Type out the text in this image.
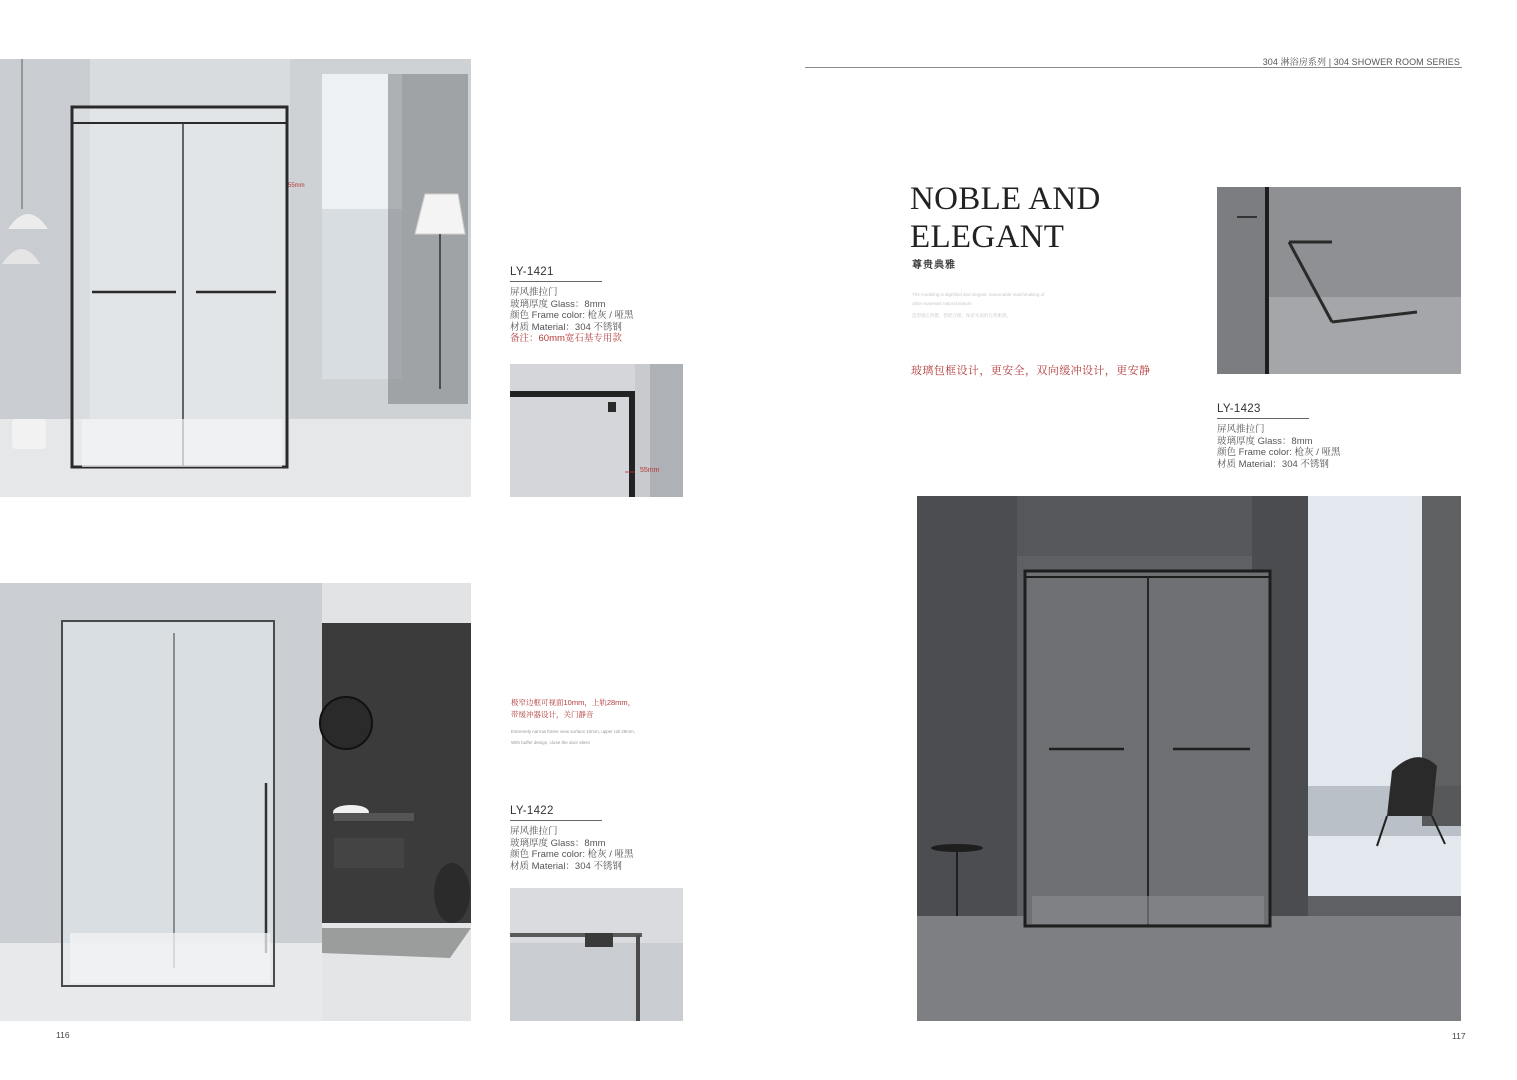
55mm
LY-1421
屏风推拉门
玻璃厚度 Glass：8mm
颜色 Frame color: 枪灰 / 哑黑
材质 Material：304 不锈钢
备注：60mm宽石基专用款
55mm
极窄边框可视面10mm，上轨28mm，
带缓冲器设计，关门静音
Extremely narrow frame view surface 10mm, upper rail 28mm,
With buffer design, close the door silent
LY-1422
屏风推拉门
玻璃厚度 Glass：8mm
颜色 Frame color: 枪灰 / 哑黑
材质 Material：304 不锈钢
116
304 淋浴房系列 | 304 SHOWER ROOM SERIES
NOBLE AND
ELEGANT
尊贵典雅
The modeling is dignified and elegant, reasonable matchmaking of
other materials natural texture
造型端庄典雅，搭配合理，保留木质的自然肌理。
玻璃包框设计，更安全，双向缓冲设计，更安静
LY-1423
屏风推拉门
玻璃厚度 Glass：8mm
颜色 Frame color: 枪灰 / 哑黑
材质 Material：304 不锈钢
117
